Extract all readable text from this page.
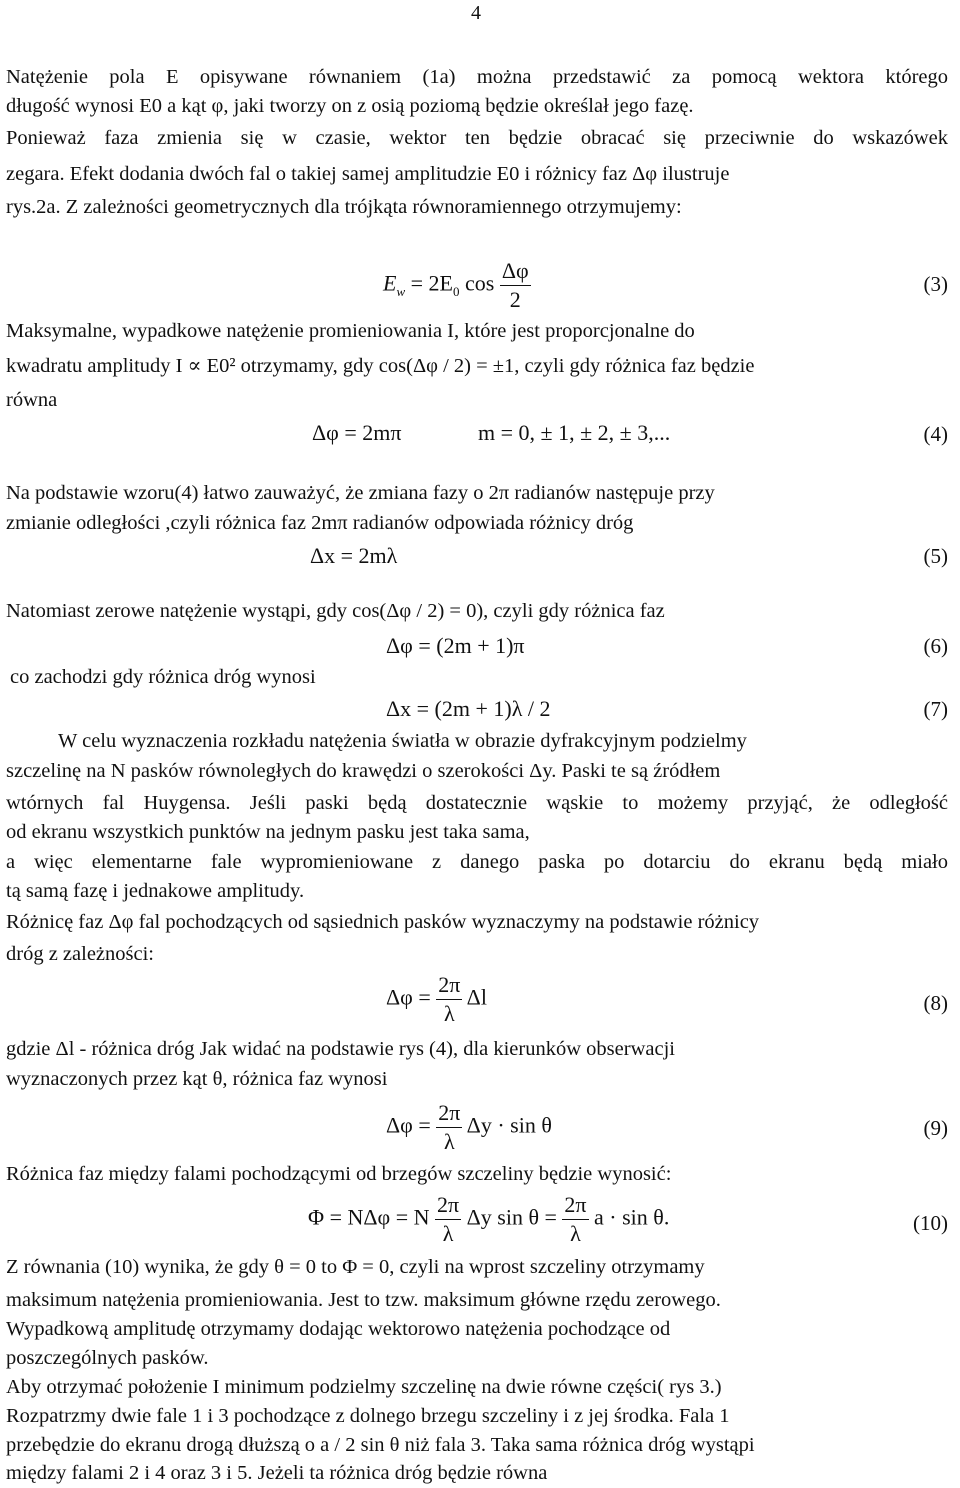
4
Natężenie pola E opisywane równaniem (1a) można przedstawić za pomocą wektora którego
długość wynosi E0 a kąt φ, jaki tworzy on z osią poziomą będzie określał jego fazę.
Ponieważ faza zmienia się w czasie, wektor ten będzie obracać się przeciwnie do wskazówek
zegara. Efekt dodania dwóch fal o takiej samej amplitudzie E0 i różnicy faz Δφ ilustruje
rys.2a. Z zależności geometrycznych dla trójkąta równoramiennego otrzymujemy:
$E_w = 2E_0$ $\cos \frac{\Delta\varphi}{2}$	(3)
Maksymalne, wypadkowe natężenie promieniowania I, które jest proporcjonalne do
kwadratu amplitudy I ∝ E0² otrzymamy, gdy cos(Δφ / 2) = ±1, czyli gdy różnica faz będzie
równa
Δφ = 2mπ	m = 0, ± 1, ± 2, ± 3,...	(4)
Na podstawie wzoru(4) łatwo zauważyć, że zmiana fazy o 2π radianów następuje przy
zmianie odległości ,czyli różnica faz 2mπ radianów odpowiada różnicy dróg
Δx = 2mλ	(5)
Natomiast zerowe natężenie wystąpi, gdy cos(Δφ / 2) = 0), czyli gdy różnica faz
Δφ = (2m + 1)π	(6)
co zachodzi gdy różnica dróg wynosi
Δx = (2m + 1)λ / 2	(7)
W celu wyznaczenia rozkładu natężenia światła w obrazie dyfrakcyjnym podzielmy
szczelinę na N pasków równoległych do krawędzi o szerokości Δy. Paski te są źródłem
wtórnych fal Huygensa. Jeśli paski będą dostatecznie wąskie to możemy przyjąć, że odległość
od ekranu wszystkich punktów na jednym pasku jest taka sama,
a więc elementarne fale wypromieniowane z danego paska po dotarciu do ekranu będą miało
tą samą fazę i jednakowe amplitudy.
Różnicę faz Δφ fal pochodzących od sąsiednich pasków wyznaczymy na podstawie różnicy
dróg z zależności:
$\Delta\varphi = \frac{2\pi}{\lambda}$ Δl	(8)
gdzie Δl - różnica dróg Jak widać na podstawie rys (4), dla kierunków obserwacji
wyznaczonych przez kąt θ, różnica faz wynosi
$\Delta\varphi = \frac{2\pi}{\lambda}$ Δy · sin θ	(9)
Różnica faz między falami pochodzącymi od brzegów szczeliny będzie wynosić:
Φ = NΔφ = N $\frac{2\pi}{\lambda}$ Δy $\sin \theta = \frac{2\pi}{\lambda}$ a · sin θ.	(10)
Z równania (10) wynika, że gdy θ = 0 to Φ = 0, czyli na wprost szczeliny otrzymamy
maksimum natężenia promieniowania. Jest to tzw. maksimum główne rzędu zerowego.
Wypadkową amplitudę otrzymamy dodając wektorowo natężenia pochodzące od
poszczególnych pasków.
Aby otrzymać położenie I minimum podzielmy szczelinę na dwie równe części( rys 3.)
Rozpatrzmy dwie fale 1 i 3 pochodzące z dolnego brzegu szczeliny i z jej środka. Fala 1
przebędzie do ekranu drogą dłuższą o a / 2 sin θ niż fala 3. Taka sama różnica dróg wystąpi
między falami 2 i 4 oraz 3 i 5. Jeżeli ta różnica dróg będzie równa
